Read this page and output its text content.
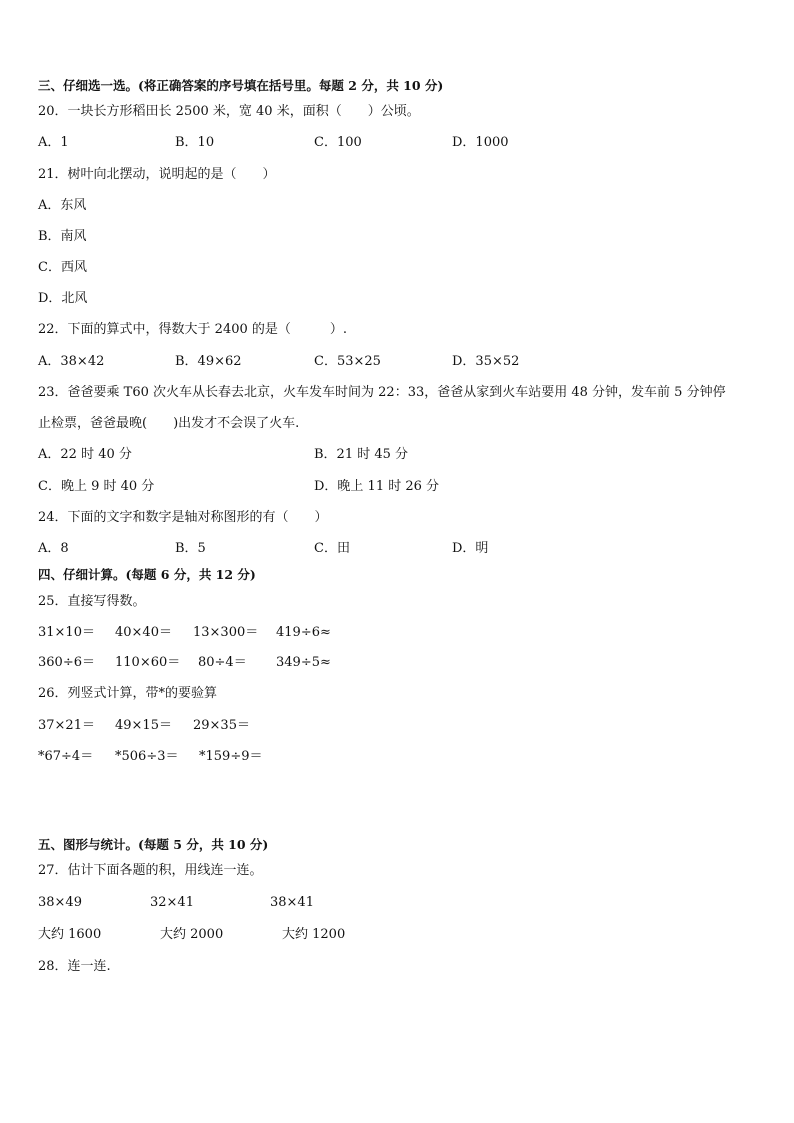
三、仔细选一选。(将正确答案的序号填在括号里。每题 2 分，共 10 分)
20．一块长方形稻田长 2500 米，宽 40 米，面积（　　）公顷。
A．1	B．10	C．100	D．1000
21．树叶向北摆动，说明起的是（　　）
A．东风
B．南风
C．西风
D．北风
22．下面的算式中，得数大于 2400 的是（　　　）.
A．38×42	B．49×62	C．53×25	D．35×52
23．爸爸要乘 T60 次火车从长春去北京，火车发车时间为 22：33，爸爸从家到火车站要用 48 分钟，发车前 5 分钟停
止检票，爸爸最晚(　　)出发才不会误了火车.
A．22 时 40 分	B．21 时 45 分
C．晚上 9 时 40 分	D．晚上 11 时 26 分
24．下面的文字和数字是轴对称图形的有（　　）
A．8	B．5	C．田	D．明
四、仔细计算。(每题 6 分，共 12 分)
25．直接写得数。
31×10＝ 40×40＝ 13×300＝ 419÷6≈
360÷6＝ 110×60＝ 80÷4＝ 349÷5≈
26．列竖式计算，带*的要验算
37×21＝ 49×15＝ 29×35＝
*67÷4＝ *506÷3＝ *159÷9＝
五、图形与统计。(每题 5 分，共 10 分)
27．估计下面各题的积，用线连一连。
38×49	32×41	38×41
大约 1600	大约 2000	大约 1200
28．连一连.
